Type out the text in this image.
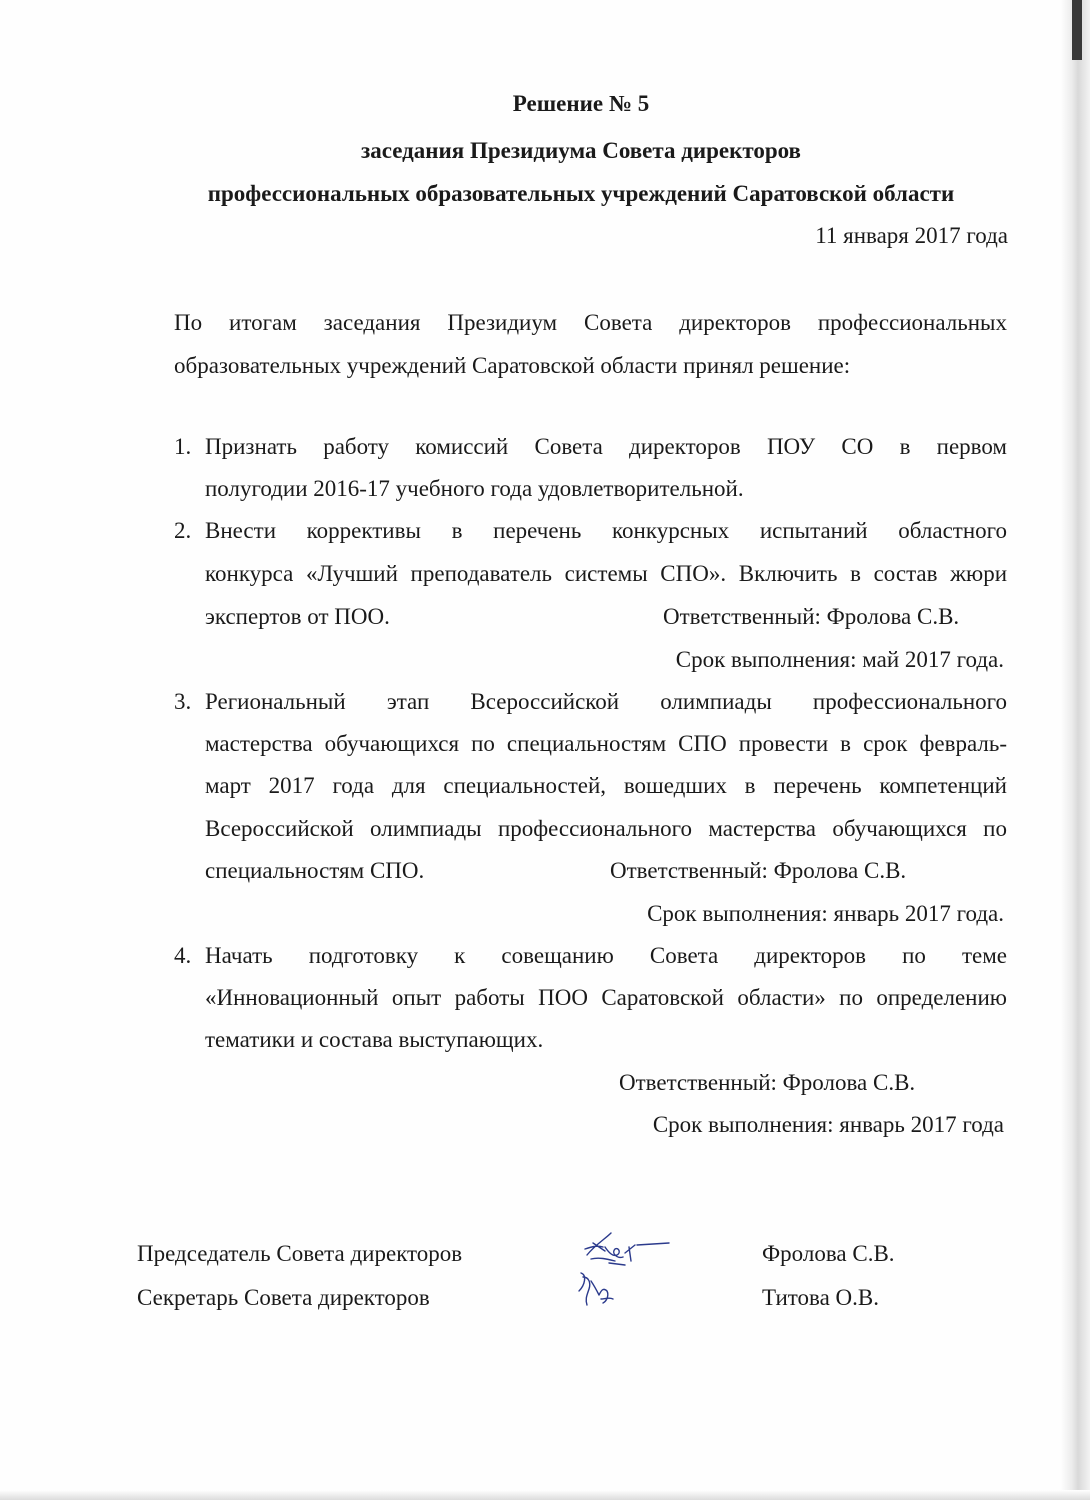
Решение № 5
заседания Президиума Совета директоров
профессиональных образовательных учреждений Саратовской области
11 января 2017 года
По итогам заседания Президиум Совета директоров профессиональных
образовательных учреждений Саратовской области принял решение:
1. Признать работу комиссий Совета директоров ПОУ СО в первом
полугодии 2016-17 учебного года удовлетворительной.
2. Внести коррективы в перечень конкурсных испытаний областного
конкурса «Лучший преподаватель системы СПО». Включить в состав жюри
экспертов от ПОО.	Ответственный: Фролова С.В.
Срок выполнения: май 2017 года.
3. Региональный этап Всероссийской олимпиады профессионального
мастерства обучающихся по специальностям СПО провести в срок февраль-
март 2017 года для специальностей, вошедших в перечень компетенций
Всероссийской олимпиады профессионального мастерства обучающихся по
специальностям СПО.	Ответственный: Фролова С.В.
Срок выполнения: январь 2017 года.
4. Начать подготовку к совещанию Совета директоров по теме
«Инновационный опыт работы ПОО Саратовской области» по определению
тематики и состава выступающих.
Ответственный: Фролова С.В.
Срок выполнения: январь 2017 года
Председатель Совета директоров	Фролова С.В.
Секретарь Совета директоров	Титова О.В.
